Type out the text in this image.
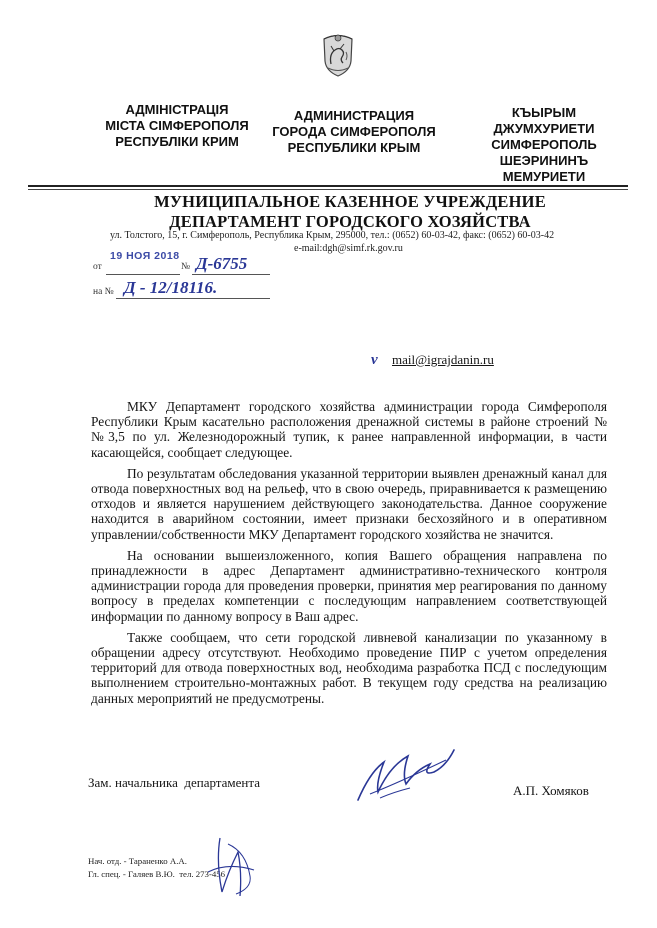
АДМІНІСТРАЦІЯ
МІСТА СІМФЕРОПОЛЯ
РЕСПУБЛІКИ КРИМ
АДМИНИСТРАЦИЯ
ГОРОДА СИМФЕРОПОЛЯ
РЕСПУБЛИКИ КРЫМ
КЪЫРЫМ
ДЖУМХУРИЕТИ
СИМФЕРОПОЛЬ
ШЕЭРИНИНЪ
МЕМУРИЕТИ
МУНИЦИПАЛЬНОЕ КАЗЕННОЕ УЧРЕЖДЕНИЕ
ДЕПАРТАМЕНТ ГОРОДСКОГО ХОЗЯЙСТВА
ул. Толстого, 15, г. Симферополь, Республика Крым, 295000, тел.: (0652) 60-03-42, факс: (0652) 60-03-42
e-mail:dgh@simf.rk.gov.ru
от
19 НОЯ 2018
№ Д-6755
на № Д - 12/18116.
v mail@igrajdanin.ru

МКУ Департамент городского хозяйства администрации города Симферополя Республики Крым касательно расположения дренажной системы в районе строений №№3,5 по ул. Железнодорожный тупик, к ранее направленной информации, в части касающейся, сообщает следующее.

По результатам обследования указанной территории выявлен дренажный канал для отвода поверхностных вод на рельеф, что в свою очередь, приравнивается к размещению отходов и является нарушением действующего законодательства. Данное сооружение находится в аварийном состоянии, имеет признаки бесхозяйного и в оперативном управлении/собственности МКУ Департамент городского хозяйства не значится.

На основании вышеизложенного, копия Вашего обращения направлена по принадлежности в адрес Департамент административно-технического контроля администрации города для проведения проверки, принятия мер реагирования по данному вопросу в пределах компетенции с последующим направлением соответствующей информации по данному вопросу в Ваш адрес.

Также сообщаем, что сети городской ливневой канализации по указанному в обращении адресу отсутствуют. Необходимо проведение ПИР с учетом определения территорий для отвода поверхностных вод, необходима разработка ПСД с последующим выполнением строительно-монтажных работ. В текущем году средства на реализацию данных мероприятий не предусмотрены.

Зам. начальника  департамента
А.П. Хомяков
Нач. отд. - Тараненко А.А.
Гл. спец. - Галяев В.Ю.  тел. 273-456
